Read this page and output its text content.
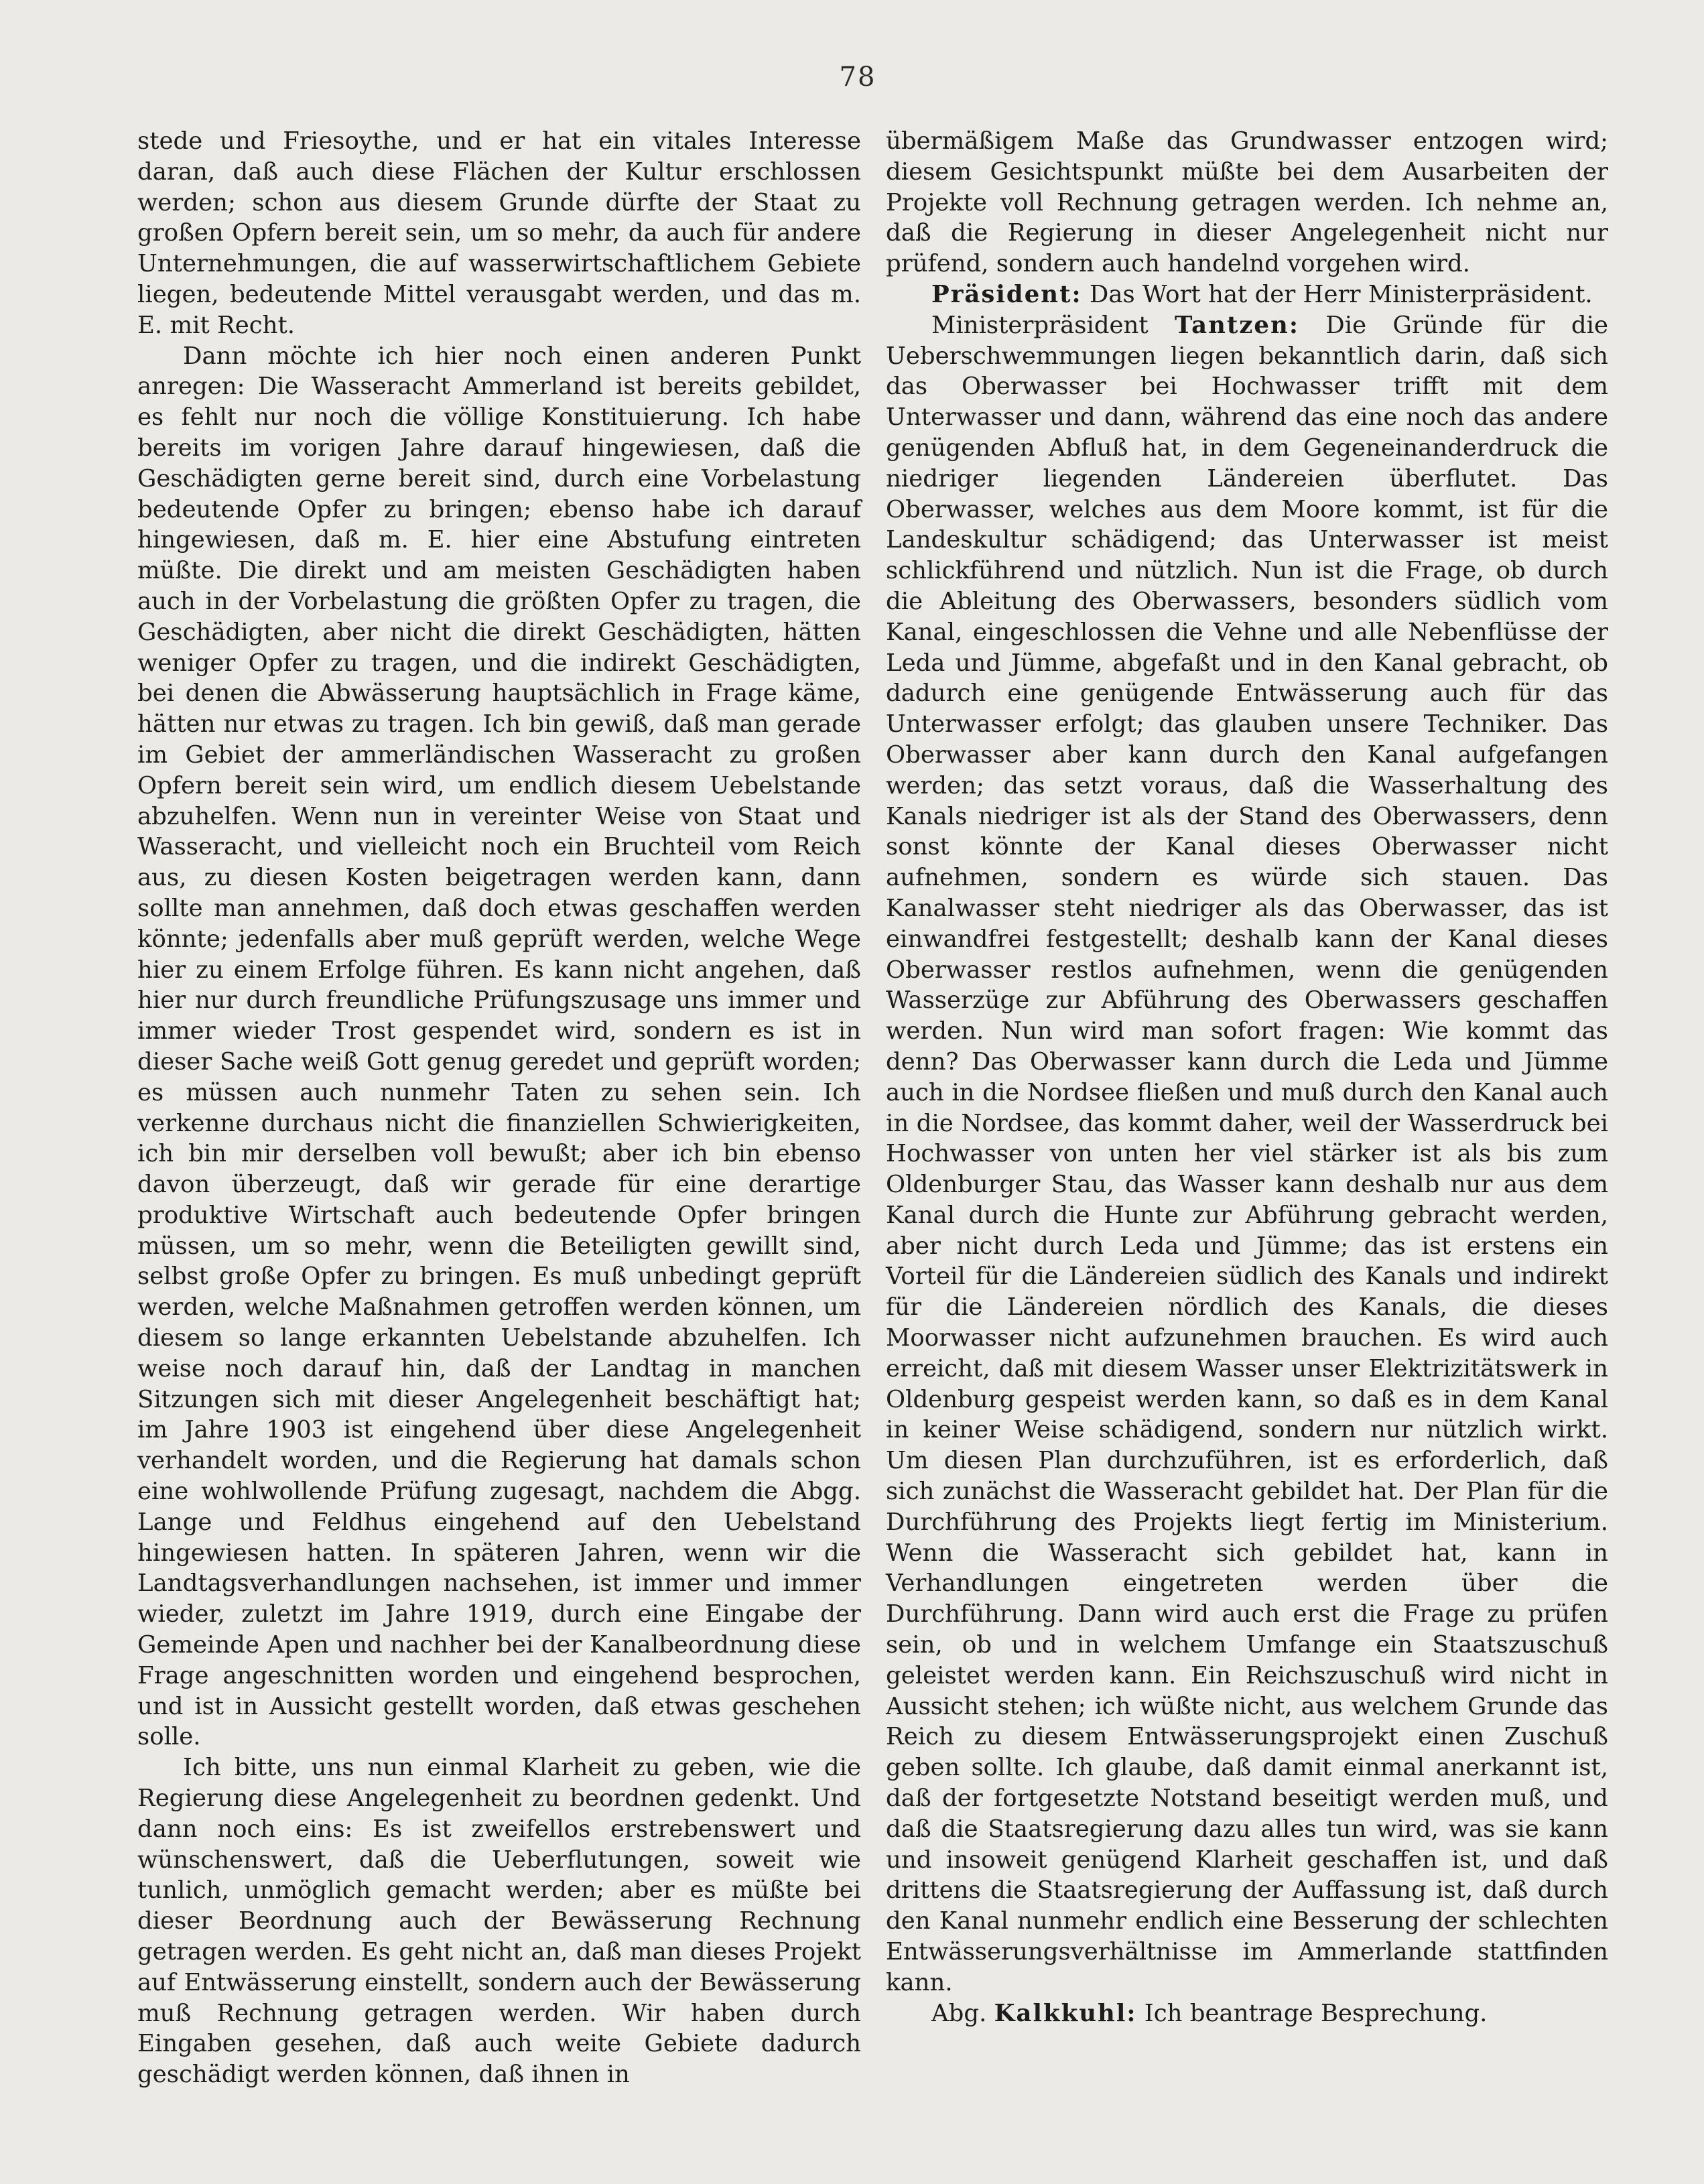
78

stede und Friesoythe, und er hat ein vitales Interesse daran, daß auch diese Flächen der Kultur erschlossen werden; schon aus diesem Grunde dürfte der Staat zu großen Opfern bereit sein, um so mehr, da auch für andere Unternehmungen, die auf wasserwirtschaftlichem Gebiete liegen, bedeutende Mittel verausgabt werden, und das m. E. mit Recht.

Dann möchte ich hier noch einen anderen Punkt anregen: Die Wasseracht Ammerland ist bereits gebildet, es fehlt nur noch die völlige Konstituierung. Ich habe bereits im vorigen Jahre darauf hingewiesen, daß die Geschädigten gerne bereit sind, durch eine Vorbelastung bedeutende Opfer zu bringen; ebenso habe ich darauf hingewiesen, daß m. E. hier eine Abstufung eintreten müßte. Die direkt und am meisten Geschädigten haben auch in der Vorbelastung die größten Opfer zu tragen, die Geschädigten, aber nicht die direkt Geschädigten, hätten weniger Opfer zu tragen, und die indirekt Geschädigten, bei denen die Abwässerung hauptsächlich in Frage käme, hätten nur etwas zu tragen. Ich bin gewiß, daß man gerade im Gebiet der ammerländischen Wasseracht zu großen Opfern bereit sein wird, um endlich diesem Uebelstande abzuhelfen. Wenn nun in vereinter Weise von Staat und Wasseracht, und vielleicht noch ein Bruchteil vom Reich aus, zu diesen Kosten beigetragen werden kann, dann sollte man annehmen, daß doch etwas geschaffen werden könnte; jedenfalls aber muß geprüft werden, welche Wege hier zu einem Erfolge führen. Es kann nicht angehen, daß hier nur durch freundliche Prüfungszusage uns immer und immer wieder Trost gespendet wird, sondern es ist in dieser Sache weiß Gott genug geredet und geprüft worden; es müssen auch nunmehr Taten zu sehen sein. Ich verkenne durchaus nicht die finanziellen Schwierigkeiten, ich bin mir derselben voll bewußt; aber ich bin ebenso davon überzeugt, daß wir gerade für eine derartige produktive Wirtschaft auch bedeutende Opfer bringen müssen, um so mehr, wenn die Beteiligten gewillt sind, selbst große Opfer zu bringen. Es muß unbedingt geprüft werden, welche Maßnahmen getroffen werden können, um diesem so lange erkannten Uebelstande abzuhelfen. Ich weise noch darauf hin, daß der Landtag in manchen Sitzungen sich mit dieser Angelegenheit beschäftigt hat; im Jahre 1903 ist eingehend über diese Angelegenheit verhandelt worden, und die Regierung hat damals schon eine wohlwollende Prüfung zugesagt, nachdem die Abgg. Lange und Feldhus eingehend auf den Uebelstand hingewiesen hatten. In späteren Jahren, wenn wir die Landtagsverhandlungen nachsehen, ist immer und immer wieder, zuletzt im Jahre 1919, durch eine Eingabe der Gemeinde Apen und nachher bei der Kanalbeordnung diese Frage angeschnitten worden und eingehend besprochen, und ist in Aussicht gestellt worden, daß etwas geschehen solle.

Ich bitte, uns nun einmal Klarheit zu geben, wie die Regierung diese Angelegenheit zu beordnen gedenkt. Und dann noch eins: Es ist zweifellos erstrebenswert und wünschenswert, daß die Ueberflutungen, soweit wie tunlich, unmöglich gemacht werden; aber es müßte bei dieser Beordnung auch der Bewässerung Rechnung getragen werden. Es geht nicht an, daß man dieses Projekt auf Entwässerung einstellt, sondern auch der Bewässerung muß Rechnung getragen werden. Wir haben durch Eingaben gesehen, daß auch weite Gebiete dadurch geschädigt werden können, daß ihnen in

übermäßigem Maße das Grundwasser entzogen wird; diesem Gesichtspunkt müßte bei dem Ausarbeiten der Projekte voll Rechnung getragen werden. Ich nehme an, daß die Regierung in dieser Angelegenheit nicht nur prüfend, sondern auch handelnd vorgehen wird.

Präsident: Das Wort hat der Herr Ministerpräsident.

Ministerpräsident Tantzen: Die Gründe für die Ueberschwemmungen liegen bekanntlich darin, daß sich das Oberwasser bei Hochwasser trifft mit dem Unterwasser und dann, während das eine noch das andere genügenden Abfluß hat, in dem Gegeneinanderdruck die niedriger liegenden Ländereien überflutet. Das Oberwasser, welches aus dem Moore kommt, ist für die Landeskultur schädigend; das Unterwasser ist meist schlickführend und nützlich. Nun ist die Frage, ob durch die Ableitung des Oberwassers, besonders südlich vom Kanal, eingeschlossen die Vehne und alle Nebenflüsse der Leda und Jümme, abgefaßt und in den Kanal gebracht, ob dadurch eine genügende Entwässerung auch für das Unterwasser erfolgt; das glauben unsere Techniker. Das Oberwasser aber kann durch den Kanal aufgefangen werden; das setzt voraus, daß die Wasserhaltung des Kanals niedriger ist als der Stand des Oberwassers, denn sonst könnte der Kanal dieses Oberwasser nicht aufnehmen, sondern es würde sich stauen. Das Kanalwasser steht niedriger als das Oberwasser, das ist einwandfrei festgestellt; deshalb kann der Kanal dieses Oberwasser restlos aufnehmen, wenn die genügenden Wasserzüge zur Abführung des Oberwassers geschaffen werden. Nun wird man sofort fragen: Wie kommt das denn? Das Oberwasser kann durch die Leda und Jümme auch in die Nordsee fließen und muß durch den Kanal auch in die Nordsee, das kommt daher, weil der Wasserdruck bei Hochwasser von unten her viel stärker ist als bis zum Oldenburger Stau, das Wasser kann deshalb nur aus dem Kanal durch die Hunte zur Abführung gebracht werden, aber nicht durch Leda und Jümme; das ist erstens ein Vorteil für die Ländereien südlich des Kanals und indirekt für die Ländereien nördlich des Kanals, die dieses Moorwasser nicht aufzunehmen brauchen. Es wird auch erreicht, daß mit diesem Wasser unser Elektrizitätswerk in Oldenburg gespeist werden kann, so daß es in dem Kanal in keiner Weise schädigend, sondern nur nützlich wirkt. Um diesen Plan durchzuführen, ist es erforderlich, daß sich zunächst die Wasseracht gebildet hat. Der Plan für die Durchführung des Projekts liegt fertig im Ministerium. Wenn die Wasseracht sich gebildet hat, kann in Verhandlungen eingetreten werden über die Durchführung. Dann wird auch erst die Frage zu prüfen sein, ob und in welchem Umfange ein Staatszuschuß geleistet werden kann. Ein Reichszuschuß wird nicht in Aussicht stehen; ich wüßte nicht, aus welchem Grunde das Reich zu diesem Entwässerungsprojekt einen Zuschuß geben sollte. Ich glaube, daß damit einmal anerkannt ist, daß der fortgesetzte Notstand beseitigt werden muß, und daß die Staatsregierung dazu alles tun wird, was sie kann und insoweit genügend Klarheit geschaffen ist, und daß drittens die Staatsregierung der Auffassung ist, daß durch den Kanal nunmehr endlich eine Besserung der schlechten Entwässerungsverhältnisse im Ammerlande stattfinden kann.

Abg. Kalkkuhl: Ich beantrage Besprechung.
